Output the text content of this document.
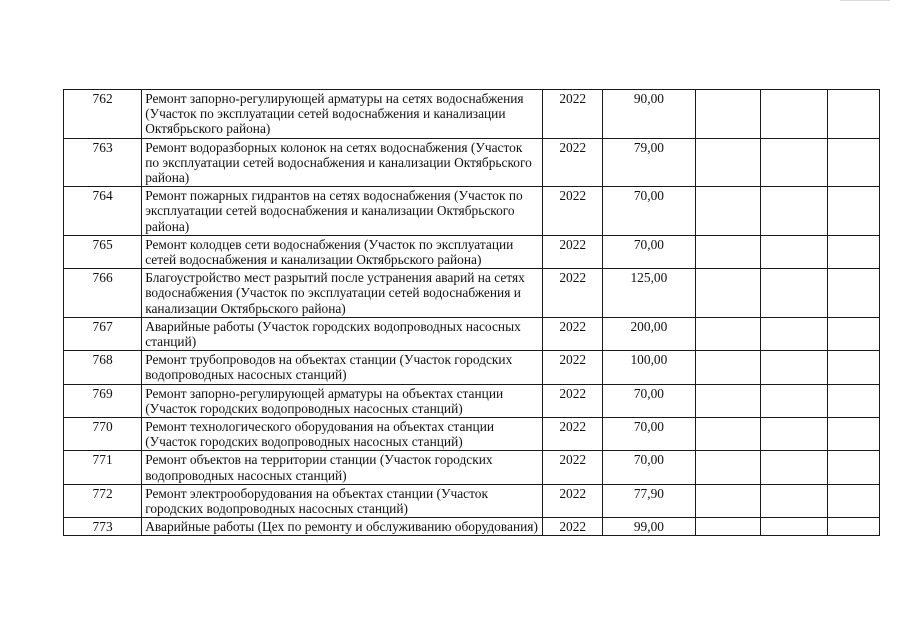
762	Ремонт запорно-регулирующей арматуры на сетях водоснабжения (Участок по эксплуатации сетей водоснабжения и канализации Октябрьского района)	2022	90,00			
763	Ремонт водоразборных колонок на сетях водоснабжения (Участок по эксплуатации сетей водоснабжения и канализации Октябрьского района)	2022	79,00			
764	Ремонт пожарных гидрантов на сетях водоснабжения (Участок по эксплуатации сетей водоснабжения и канализации Октябрьского района)	2022	70,00			
765	Ремонт колодцев сети водоснабжения (Участок по эксплуатации сетей водоснабжения и канализации Октябрьского района)	2022	70,00			
766	Благоустройство мест разрытий после устранения аварий на сетях водоснабжения (Участок по эксплуатации сетей водоснабжения и канализации Октябрьского района)	2022	125,00			
767	Аварийные работы (Участок городских водопроводных насосных станций)	2022	200,00			
768	Ремонт трубопроводов на объектах станции (Участок городских водопроводных насосных станций)	2022	100,00			
769	Ремонт запорно-регулирующей арматуры на объектах станции (Участок городских водопроводных насосных станций)	2022	70,00			
770	Ремонт технологического оборудования на объектах станции (Участок городских водопроводных насосных станций)	2022	70,00			
771	Ремонт объектов на территории станции (Участок городских водопроводных насосных станций)	2022	70,00			
772	Ремонт электрооборудования на объектах станции (Участок городских водопроводных насосных станций)	2022	77,90			
773	Аварийные работы (Цех по ремонту и обслуживанию оборудования)	2022	99,00			
